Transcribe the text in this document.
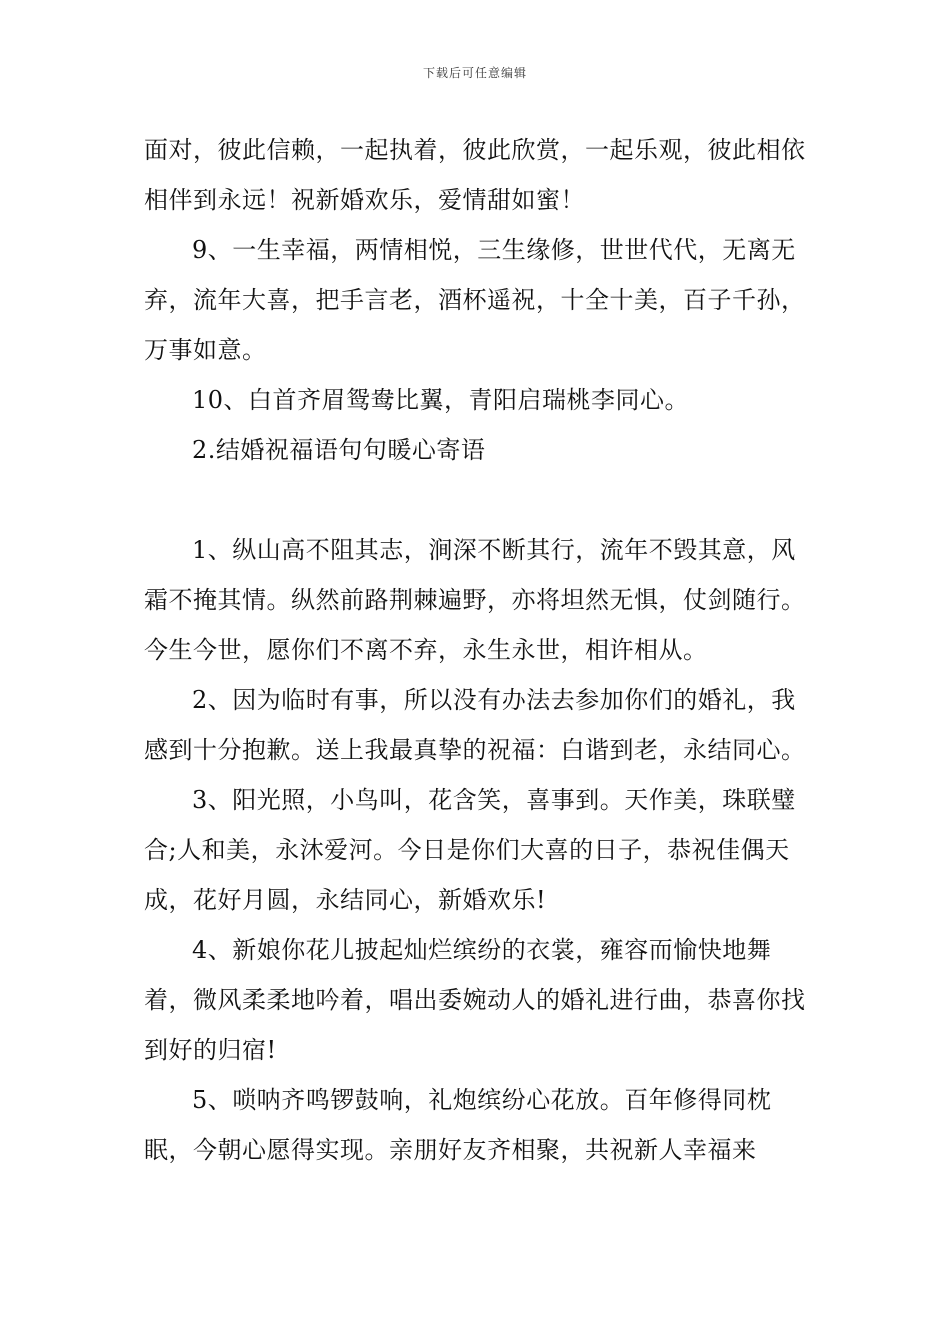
下载后可任意编辑

面对，彼此信赖，一起执着，彼此欣赏，一起乐观，彼此相依相伴到永远！祝新婚欢乐，爱情甜如蜜！

9、一生幸福，两情相悦，三生缘修，世世代代，无离无弃，流年大喜，把手言老，酒杯遥祝，十全十美，百子千孙，万事如意。

10、白首齐眉鸳鸯比翼，青阳启瑞桃李同心。

2.结婚祝福语句句暖心寄语

1、纵山高不阻其志，涧深不断其行，流年不毁其意，风霜不掩其情。纵然前路荆棘遍野，亦将坦然无惧，仗剑随行。今生今世，愿你们不离不弃，永生永世，相许相从。

2、因为临时有事，所以没有办法去参加你们的婚礼，我感到十分抱歉。送上我最真挚的祝福：白谐到老，永结同心。

3、阳光照，小鸟叫，花含笑，喜事到。天作美，珠联璧合;人和美，永沐爱河。今日是你们大喜的日子，恭祝佳偶天成，花好月圆，永结同心，新婚欢乐!

4、新娘你花儿披起灿烂缤纷的衣裳，雍容而愉快地舞着，微风柔柔地吟着，唱出委婉动人的婚礼进行曲，恭喜你找到好的归宿!

5、唢呐齐鸣锣鼓响，礼炮缤纷心花放。百年修得同枕眠，今朝心愿得实现。亲朋好友齐相聚，共祝新人幸福来
